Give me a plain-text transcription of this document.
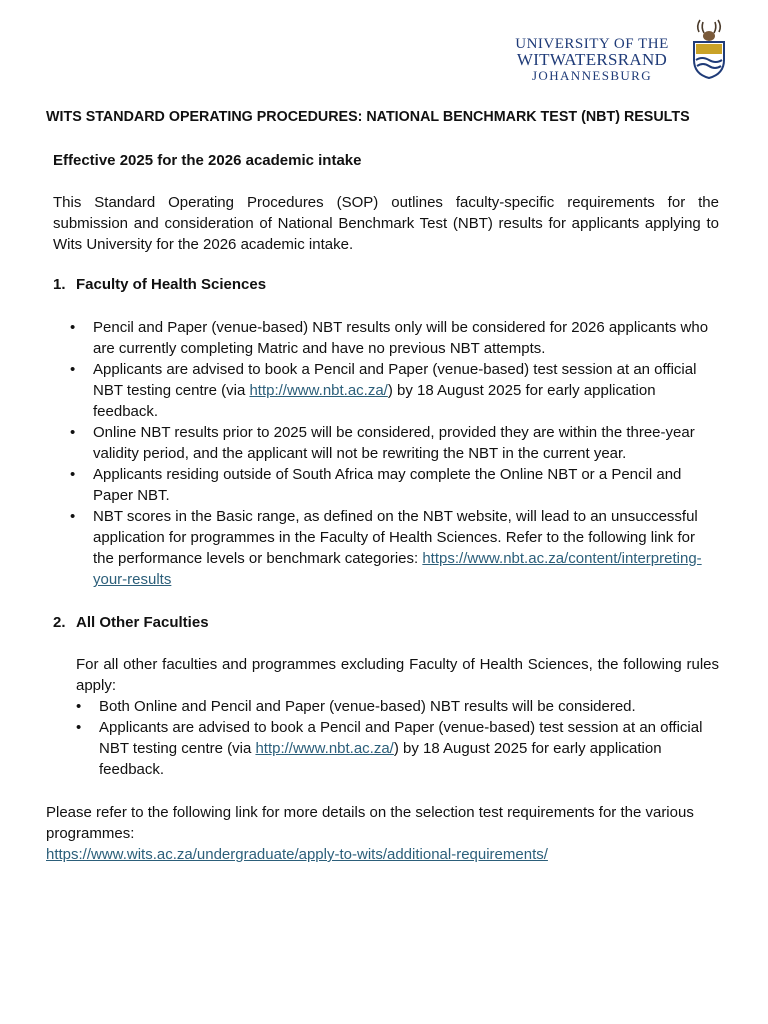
UNIVERSITY OF THE
WITWATERSRAND
JOHANNESBURG
WITS STANDARD OPERATING PROCEDURES: NATIONAL BENCHMARK TEST (NBT) RESULTS
Effective 2025 for the 2026 academic intake
This Standard Operating Procedures (SOP) outlines faculty-specific requirements for the submission and consideration of National Benchmark Test (NBT) results for applicants applying to Wits University for the 2026 academic intake.
1. Faculty of Health Sciences
• Pencil and Paper (venue-based) NBT results only will be considered for 2026 applicants who are currently completing Matric and have no previous NBT attempts.
• Applicants are advised to book a Pencil and Paper (venue-based) test session at an official NBT testing centre (via http://www.nbt.ac.za/) by 18 August 2025 for early application feedback.
• Online NBT results prior to 2025 will be considered, provided they are within the three-year validity period, and the applicant will not be rewriting the NBT in the current year.
• Applicants residing outside of South Africa may complete the Online NBT or a Pencil and Paper NBT.
• NBT scores in the Basic range, as defined on the NBT website, will lead to an unsuccessful application for programmes in the Faculty of Health Sciences. Refer to the following link for the performance levels or benchmark categories: https://www.nbt.ac.za/content/interpreting-your-results
2. All Other Faculties
For all other faculties and programmes excluding Faculty of Health Sciences, the following rules apply:
• Both Online and Pencil and Paper (venue-based) NBT results will be considered.
• Applicants are advised to book a Pencil and Paper (venue-based) test session at an official NBT testing centre (via http://www.nbt.ac.za/) by 18 August 2025 for early application feedback.
Please refer to the following link for more details on the selection test requirements for the various programmes:
https://www.wits.ac.za/undergraduate/apply-to-wits/additional-requirements/
